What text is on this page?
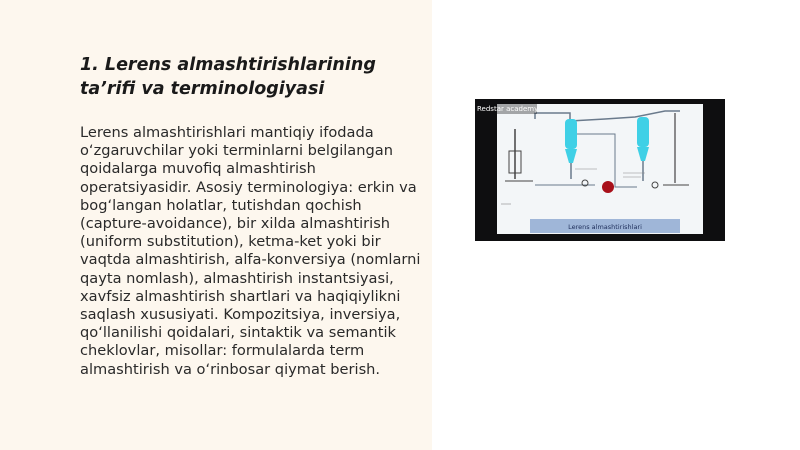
1. Lerens almashtirishlarining ta’rifi va terminologiyasi

Lerens almashtirishlari mantiqiy ifodada o‘zgaruvchilar yoki terminlarni belgilangan qoidalarga muvofiq almashtirish operatsiyasidir. Asosiy terminologiya: erkin va bog‘langan holatlar, tutishdan qochish (capture-avoidance), bir xilda almashtirish (uniform substitution), ketma-ket yoki bir vaqtda almashtirish, alfa-konversiya (nomlarni qayta nomlash), almashtirish instantsiyasi, xavfsiz almashtirish shartlari va haqiqiylikni saqlash xususiyati. Kompozitsiya, inversiya, qo‘llanilishi qoidalari, sintaktik va semantik cheklovlar, misollar: formulalarda term almashtirish va o‘rinbosar qiymat berish.

Lerens almashtirishlari
Redstar academy
